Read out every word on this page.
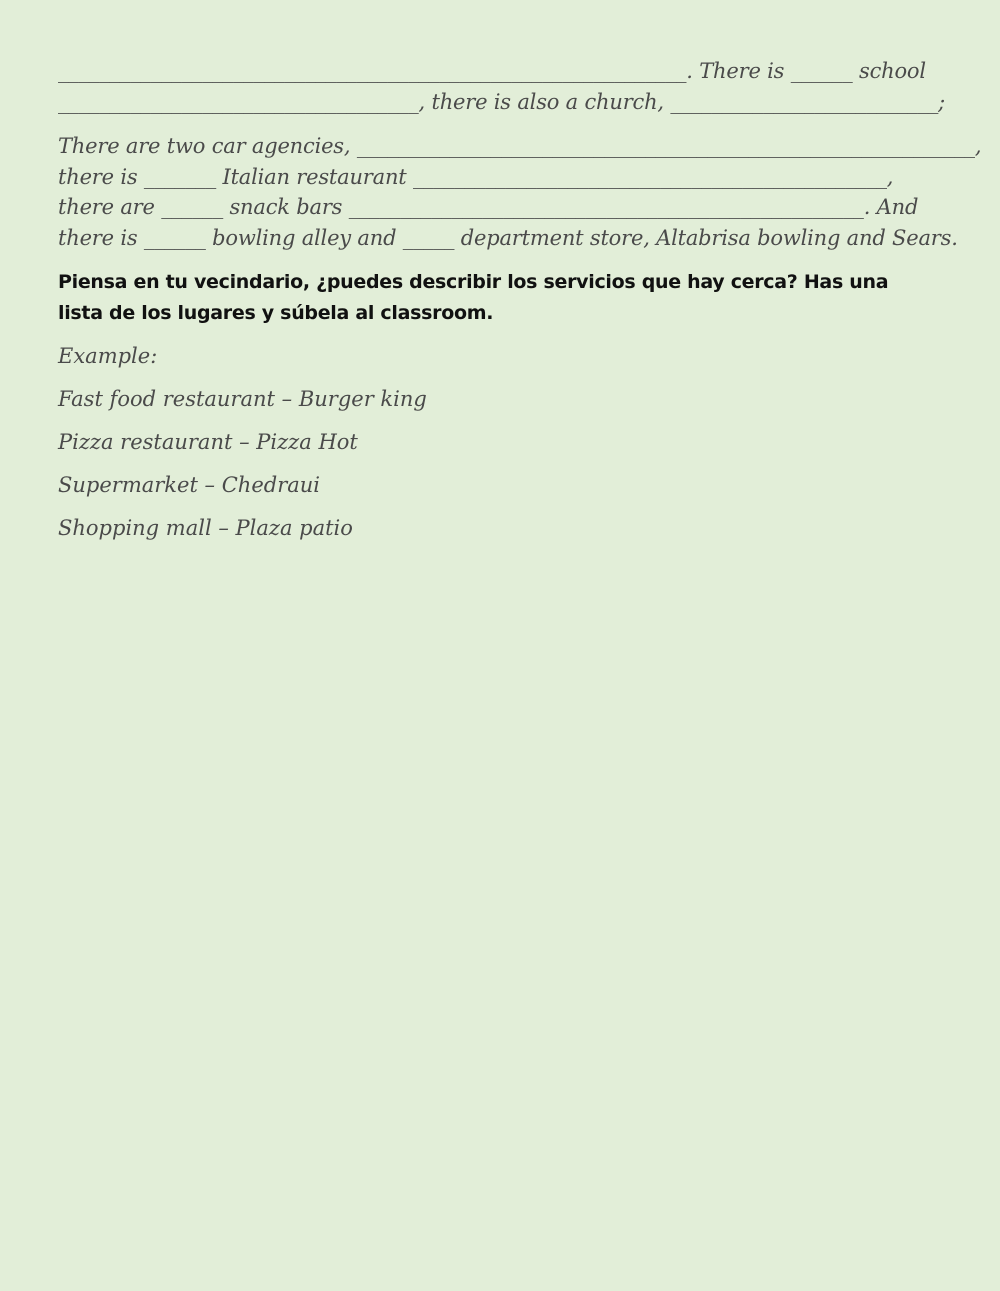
_____________________________________________________________. There is ______ school
___________________________________, there is also a church, __________________________;
There are two car agencies, ____________________________________________________________,
there is _______ Italian restaurant ______________________________________________,
there are ______ snack bars __________________________________________________. And
there is ______ bowling alley and _____ department store, Altabrisa bowling and Sears.
Piensa en tu vecindario, ¿puedes describir los servicios que hay cerca? Has una lista de los lugares y súbela al classroom.
Example:
Fast food restaurant – Burger king
Pizza restaurant – Pizza Hot
Supermarket – Chedraui
Shopping mall – Plaza patio
